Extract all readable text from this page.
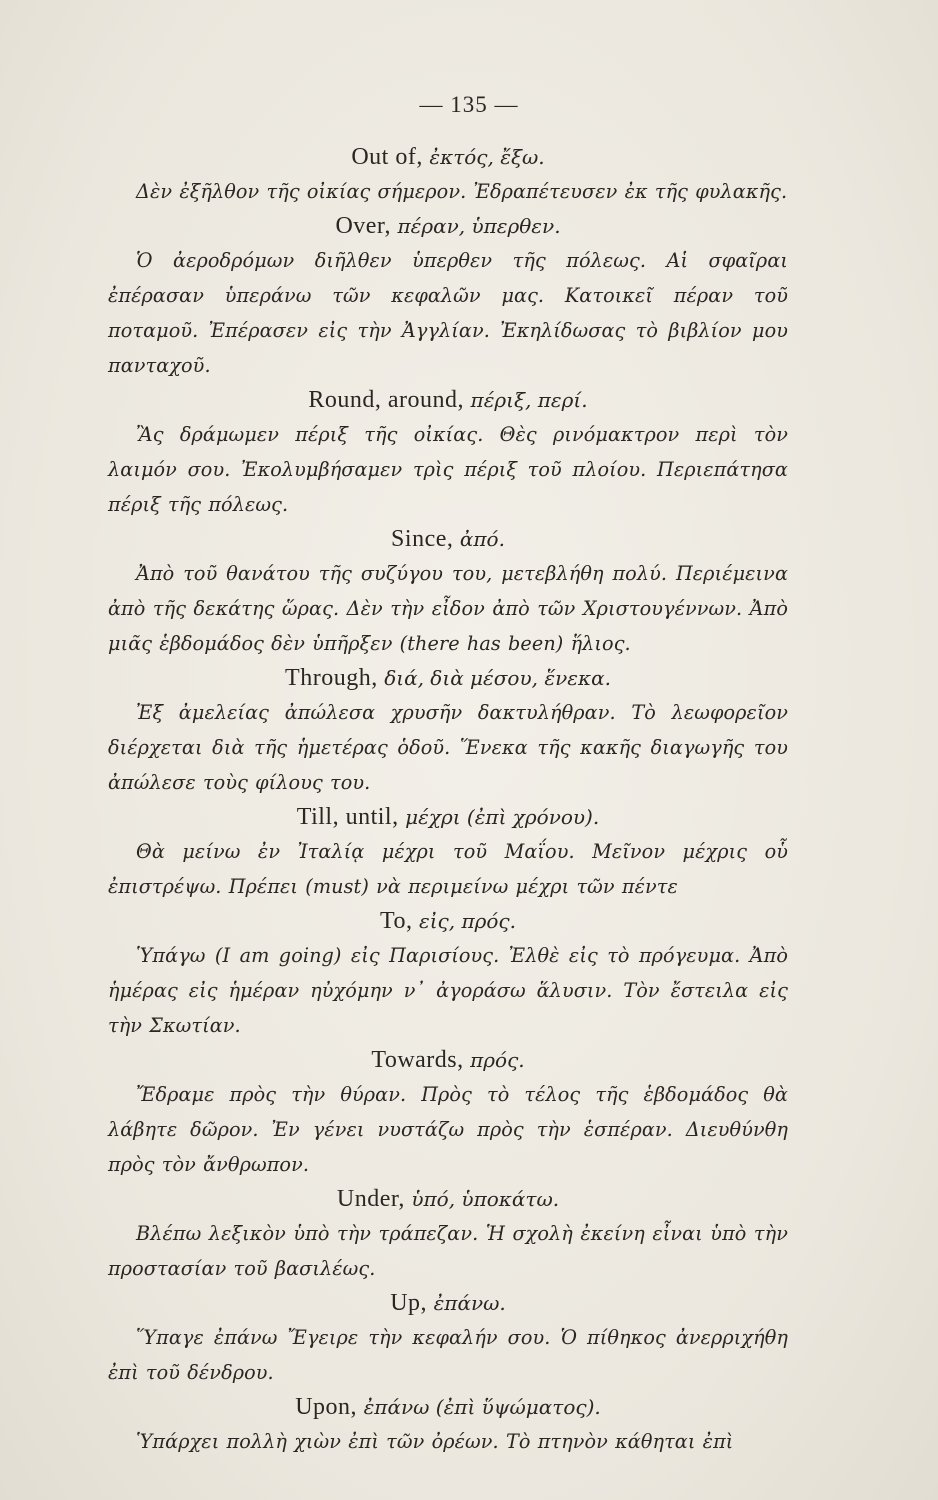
— 135 —
Out of, ἐκτός, ἔξω.

Δὲν ἐξῆλθον τῆς οἰκίας σήμερον. Ἐδραπέτευσεν ἐκ τῆς φυλακῆς.

Over, πέραν, ὑπερθεν.

Ὁ ἀεροδρόμων διῆλθεν ὑπερθεν τῆς πόλεως. Αἱ σφαῖραι ἐπέρασαν ὑπεράνω τῶν κεφαλῶν μας. Κατοικεῖ πέραν τοῦ ποταμοῦ. Ἐπέρασεν εἰς τὴν Ἀγγλίαν. Ἐκηλίδωσας τὸ βιβλίον μου πανταχοῦ.

Round, around, πέριξ, περί.

Ἂς δράμωμεν πέριξ τῆς οἰκίας. Θὲς ρινόμακτρον περὶ τὸν λαιμόν σου. Ἐκολυμβήσαμεν τρὶς πέριξ τοῦ πλοίου. Περιεπάτησα πέριξ τῆς πόλεως.

Since, ἀπό.

Ἀπὸ τοῦ θανάτου τῆς συζύγου του, μετεβλήθη πολύ. Περιέμεινα ἀπὸ τῆς δεκάτης ὥρας. Δὲν τὴν εἶδον ἀπὸ τῶν Χριστουγέννων. Ἀπὸ μιᾶς ἑβδομάδος δὲν ὑπῆρξεν (there has been) ἥλιος.

Through, διά, διὰ μέσου, ἕνεκα.

Ἐξ ἀμελείας ἀπώλεσα χρυσῆν δακτυλήθραν. Τὸ λεωφορεῖον διέρχεται διὰ τῆς ἡμετέρας ὁδοῦ. Ἕνεκα τῆς κακῆς διαγωγῆς του ἀπώλεσε τοὺς φίλους του.

Till, until, μέχρι (ἐπὶ χρόνου).

Θὰ μείνω ἐν Ἰταλίᾳ μέχρι τοῦ Μαΐου. Μεῖνον μέχρις οὗ ἐπιστρέψω. Πρέπει (must) νὰ περιμείνω μέχρι τῶν πέντε

To, εἰς, πρός.

Ὑπάγω (I am going) εἰς Παρισίους. Ἐλθὲ εἰς τὸ πρόγευμα. Ἀπὸ ἡμέρας εἰς ἡμέραν ηὐχόμην ν᾿ ἀγοράσω ἅλυσιν. Τὸν ἔστειλα εἰς τὴν Σκωτίαν.

Towards, πρός.

Ἔδραμε πρὸς τὴν θύραν. Πρὸς τὸ τέλος τῆς ἑβδομάδος θὰ λάβητε δῶρον. Ἐν γένει νυστάζω πρὸς τὴν ἑσπέραν. Διευθύνθη πρὸς τὸν ἄνθρωπον.

Under, ὑπό, ὑποκάτω.

Βλέπω λεξικὸν ὑπὸ τὴν τράπεζαν. Ἡ σχολὴ ἐκείνη εἶναι ὑπὸ τὴν προστασίαν τοῦ βασιλέως.

Up, ἐπάνω.

Ὕπαγε ἐπάνω Ἔγειρε τὴν κεφαλήν σου. Ὁ πίθηκος ἀνερριχήθη ἐπὶ τοῦ δένδρου.

Upon, ἐπάνω (ἐπὶ ὕψώματος).

Ὑπάρχει πολλὴ χιὼν ἐπὶ τῶν ὀρέων. Τὸ πτηνὸν κάθηται ἐπὶ
